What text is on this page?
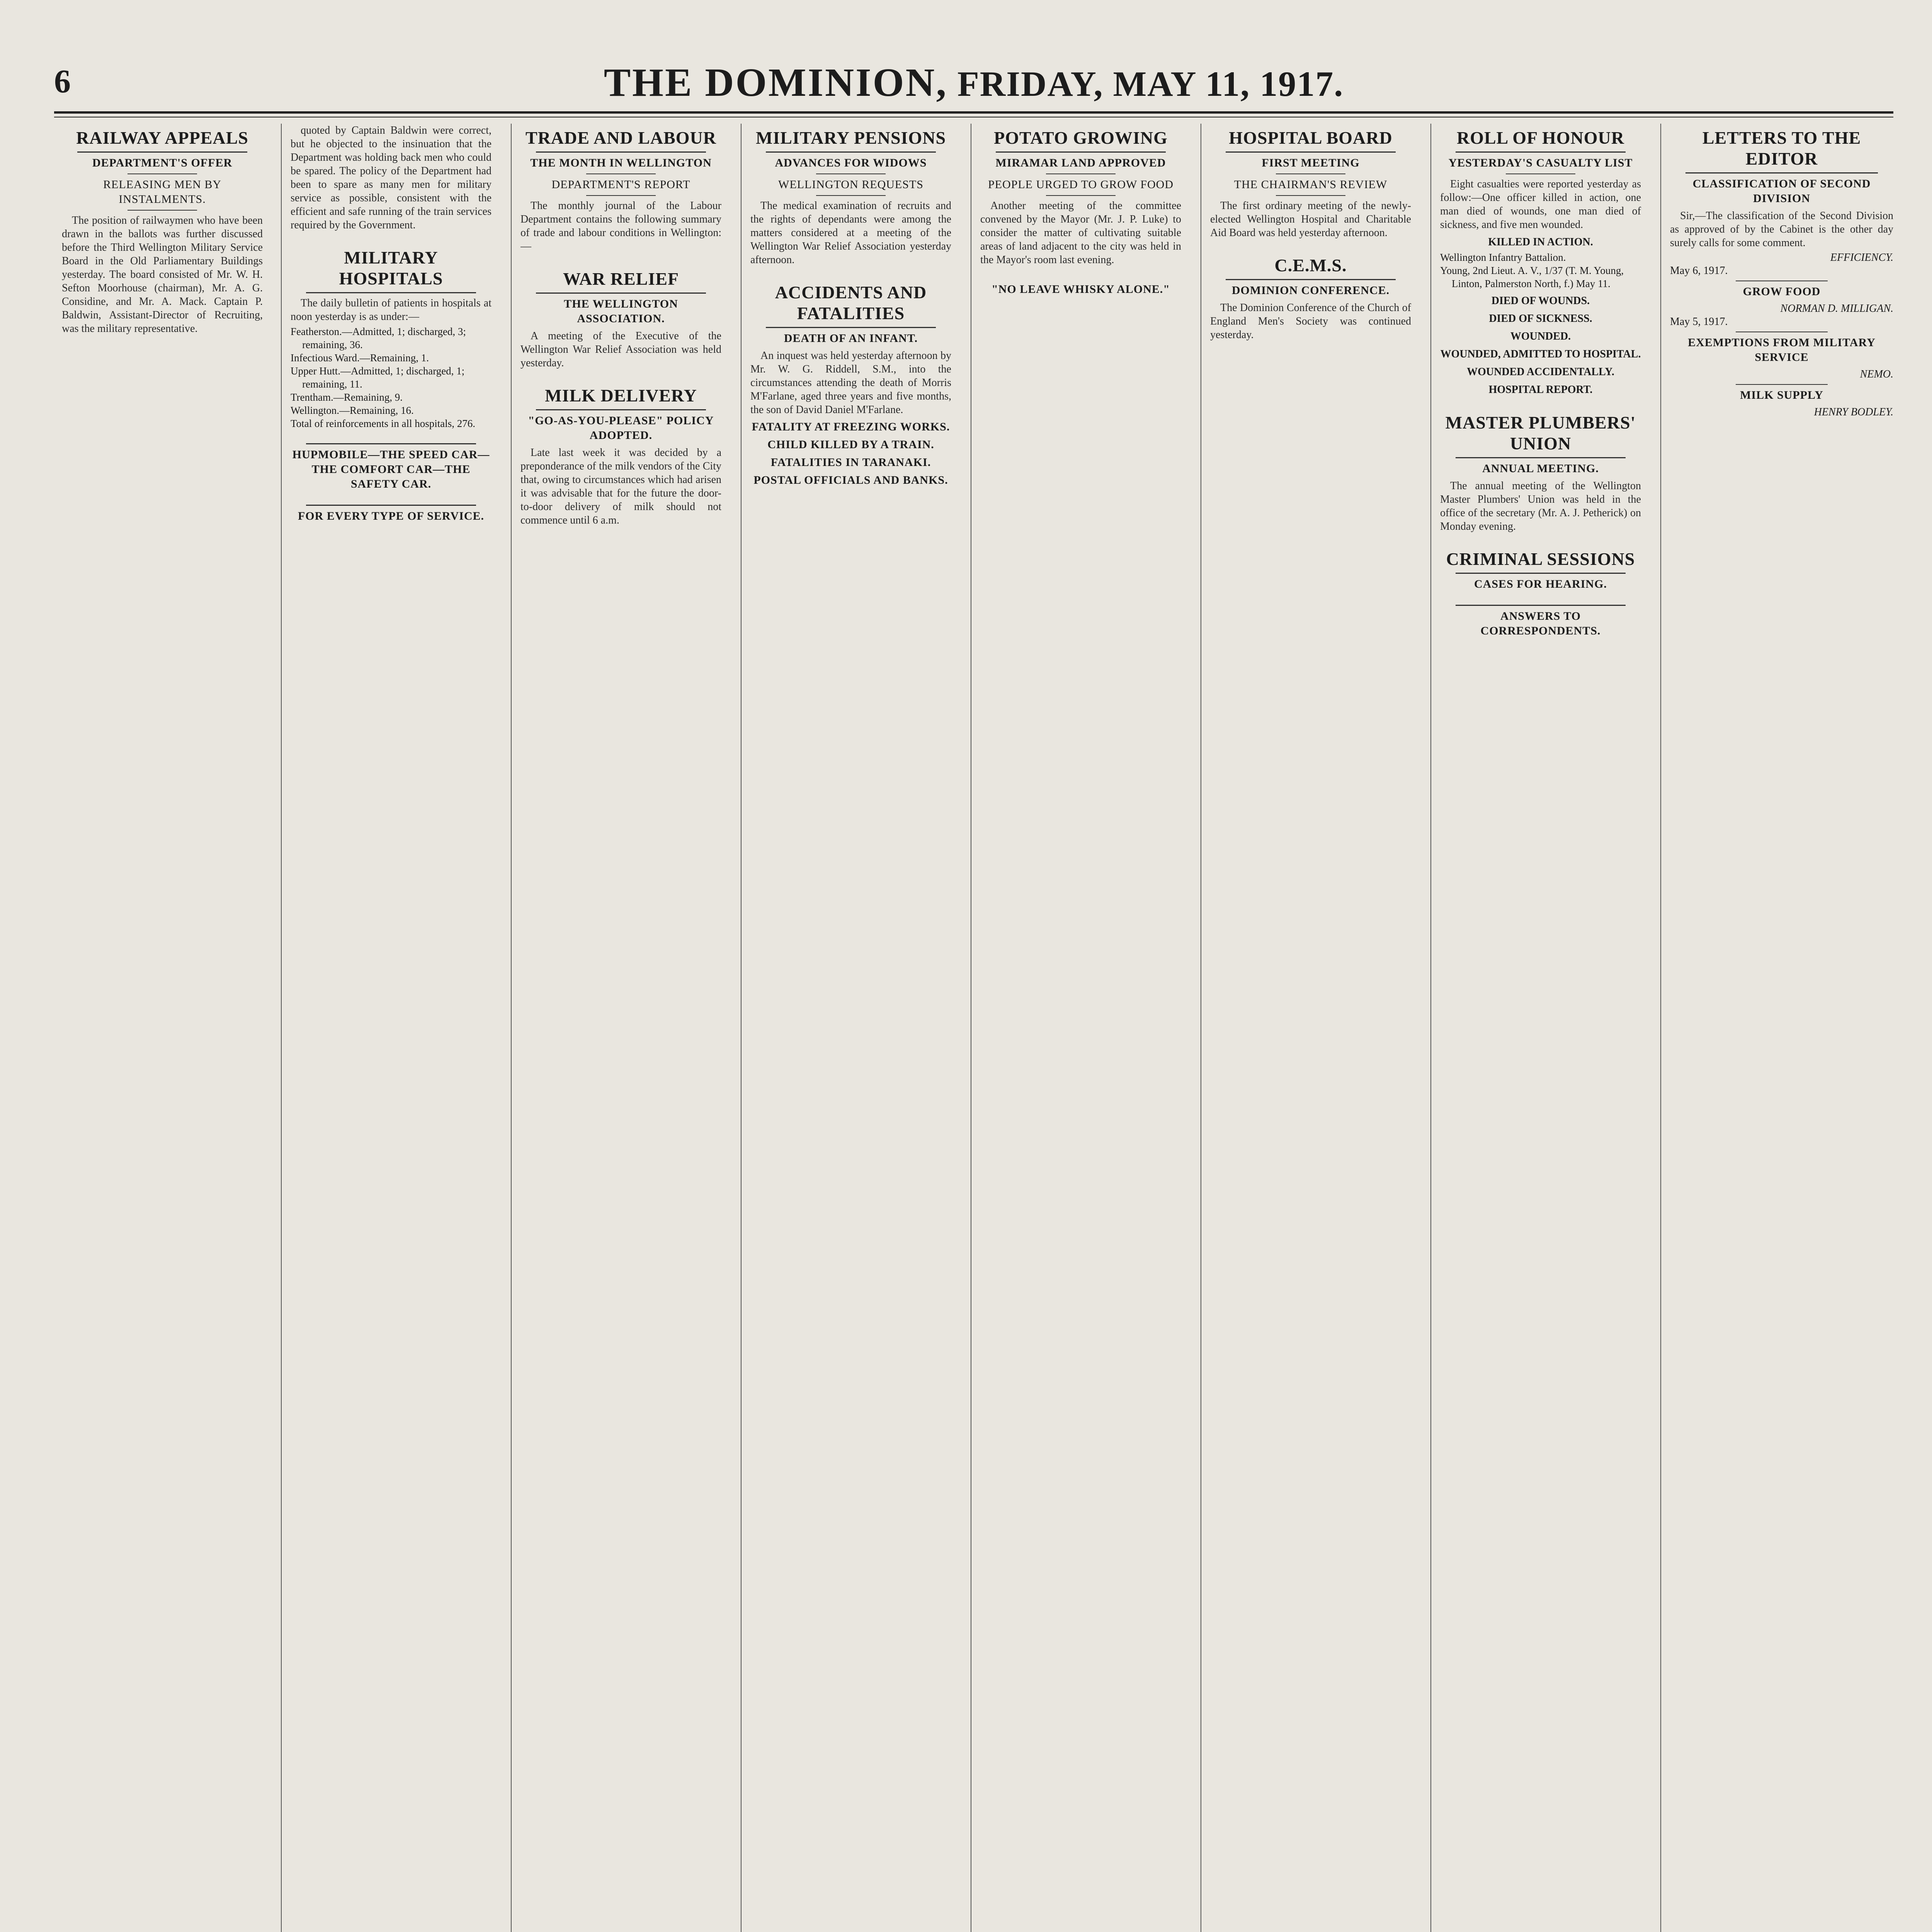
6	THE DOMINION, FRIDAY, MAY 11, 1917.
RAILWAY APPEALS
DEPARTMENT'S OFFER
RELEASING MEN BY INSTALMENTS.

The position of railwaymen who have been drawn in the ballots was further discussed before the Third Wellington Military Service Board in the Old Parliamentary Buildings yesterday. The board consisted of Mr. W. H. Sefton Moorhouse (chairman), Mr. A. G. Considine, and Mr. A. Mack. Captain P. Baldwin, Assistant-Director of Recruiting, was the military representative.

quoted by Captain Baldwin were correct, but he objected to the insinuation that the Department was holding back men who could be spared. The policy of the Department had been to spare as many men for military service as possible, consistent with the efficient and safe running of the train services required by the Government.

MILITARY HOSPITALS

The daily bulletin of patients in hospitals at noon yesterday is as under:—

Featherston.—Admitted, 1; discharged, 3; remaining, 36.
Infectious Ward.—Remaining, 1.
Upper Hutt.—Admitted, 1; discharged, 1; remaining, 11.
Trentham.—Remaining, 9.
Wellington.—Remaining, 16.
Total of reinforcements in all hospitals, 276.
HUPMOBILE—THE SPEED CAR—THE COMFORT CAR—THE SAFETY CAR.
FOR EVERY TYPE OF SERVICE.
TRADE AND LABOUR
THE MONTH IN WELLINGTON
DEPARTMENT'S REPORT

The monthly journal of the Labour Department contains the following summary of trade and labour conditions in Wellington:—

WAR RELIEF
THE WELLINGTON ASSOCIATION.

A meeting of the Executive of the Wellington War Relief Association was held yesterday.

MILK DELIVERY
"GO-AS-YOU-PLEASE" POLICY ADOPTED.

Late last week it was decided by a preponderance of the milk vendors of the City that, owing to circumstances which had arisen it was advisable that for the future the door-to-door delivery of milk should not commence until 6 a.m.

MILITARY PENSIONS
ADVANCES FOR WIDOWS
WELLINGTON REQUESTS

The medical examination of recruits and the rights of dependants were among the matters considered at a meeting of the Wellington War Relief Association yesterday afternoon.

ACCIDENTS AND FATALITIES
DEATH OF AN INFANT.

An inquest was held yesterday afternoon by Mr. W. G. Riddell, S.M., into the circumstances attending the death of Morris M'Farlane, aged three years and five months, the son of David Daniel M'Farlane.

FATALITY AT FREEZING WORKS.
CHILD KILLED BY A TRAIN.
FATALITIES IN TARANAKI.
POSTAL OFFICIALS AND BANKS.
POTATO GROWING
MIRAMAR LAND APPROVED
PEOPLE URGED TO GROW FOOD

Another meeting of the committee convened by the Mayor (Mr. J. P. Luke) to consider the matter of cultivating suitable areas of land adjacent to the city was held in the Mayor's room last evening.

"NO LEAVE WHISKY ALONE."
HOSPITAL BOARD
FIRST MEETING
THE CHAIRMAN'S REVIEW

The first ordinary meeting of the newly-elected Wellington Hospital and Charitable Aid Board was held yesterday afternoon.

C.E.M.S.
DOMINION CONFERENCE.

The Dominion Conference of the Church of England Men's Society was continued yesterday.

ROLL OF HONOUR
YESTERDAY'S CASUALTY LIST

Eight casualties were reported yesterday as follow:—One officer killed in action, one man died of wounds, one man died of sickness, and five men wounded.

KILLED IN ACTION.
Wellington Infantry Battalion.
Young, 2nd Lieut. A. V., 1/37 (T. M. Young, Linton, Palmerston North, f.) May 11.
DIED OF WOUNDS.
DIED OF SICKNESS.
WOUNDED.
WOUNDED, ADMITTED TO HOSPITAL.
WOUNDED ACCIDENTALLY.
HOSPITAL REPORT.
MASTER PLUMBERS' UNION
ANNUAL MEETING.

The annual meeting of the Wellington Master Plumbers' Union was held in the office of the secretary (Mr. A. J. Petherick) on Monday evening.

CRIMINAL SESSIONS
CASES FOR HEARING.
ANSWERS TO CORRESPONDENTS.
LETTERS TO THE EDITOR
CLASSIFICATION OF SECOND DIVISION

Sir,—The classification of the Second Division as approved of by the Cabinet is the other day surely calls for some comment.

EFFICIENCY.
May 6, 1917.
GROW FOOD
NORMAN D. MILLIGAN.
May 5, 1917.
EXEMPTIONS FROM MILITARY SERVICE
NEMO.
MILK SUPPLY
HENRY BODLEY.
